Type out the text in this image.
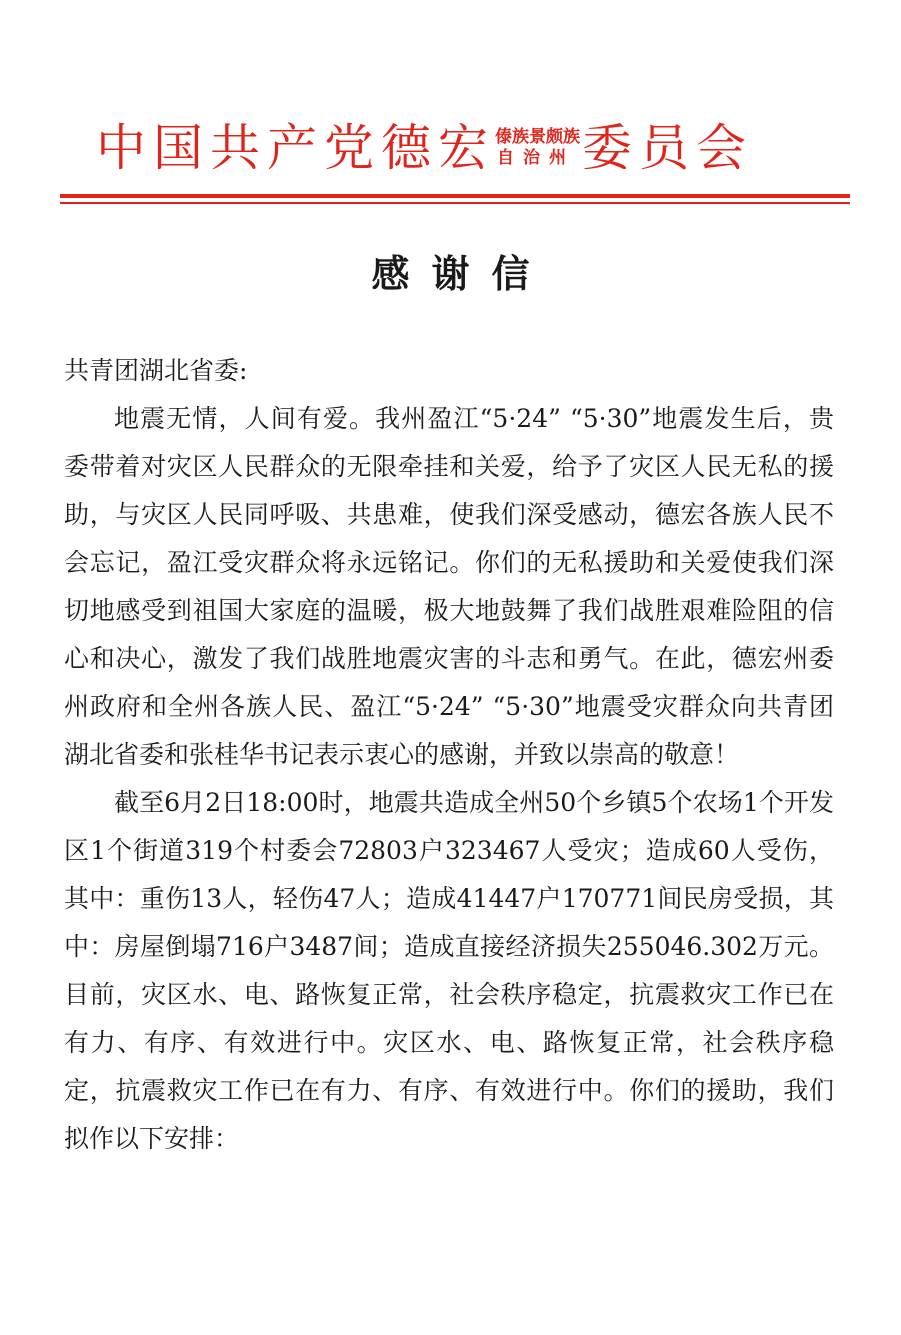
中国共产党德宏 傣族景颇族
自治州 委员会
感谢信

共青团湖北省委:

地震无情，人间有爱。我州盈江“5·24” “5·30”地震发生后，贵委带着对灾区人民群众的无限牵挂和关爱，给予了灾区人民无私的援助，与灾区人民同呼吸、共患难，使我们深受感动，德宏各族人民不会忘记，盈江受灾群众将永远铭记。你们的无私援助和关爱使我们深切地感受到祖国大家庭的温暖，极大地鼓舞了我们战胜艰难险阻的信心和决心，激发了我们战胜地震灾害的斗志和勇气。在此，德宏州委州政府和全州各族人民、盈江“5·24” “5·30”地震受灾群众向共青团湖北省委和张桂华书记表示衷心的感谢，并致以崇高的敬意！

截至6月2日18:00时，地震共造成全州50个乡镇5个农场1个开发区1个街道319个村委会72803户323467人受灾；造成60人受伤，其中：重伤13人，轻伤47人；造成41447户170771间民房受损，其中：房屋倒塌716户3487间；造成直接经济损失255046.302万元。目前，灾区水、电、路恢复正常，社会秩序稳定，抗震救灾工作已在有力、有序、有效进行中。灾区水、电、路恢复正常，社会秩序稳定，抗震救灾工作已在有力、有序、有效进行中。你们的援助，我们拟作以下安排：
